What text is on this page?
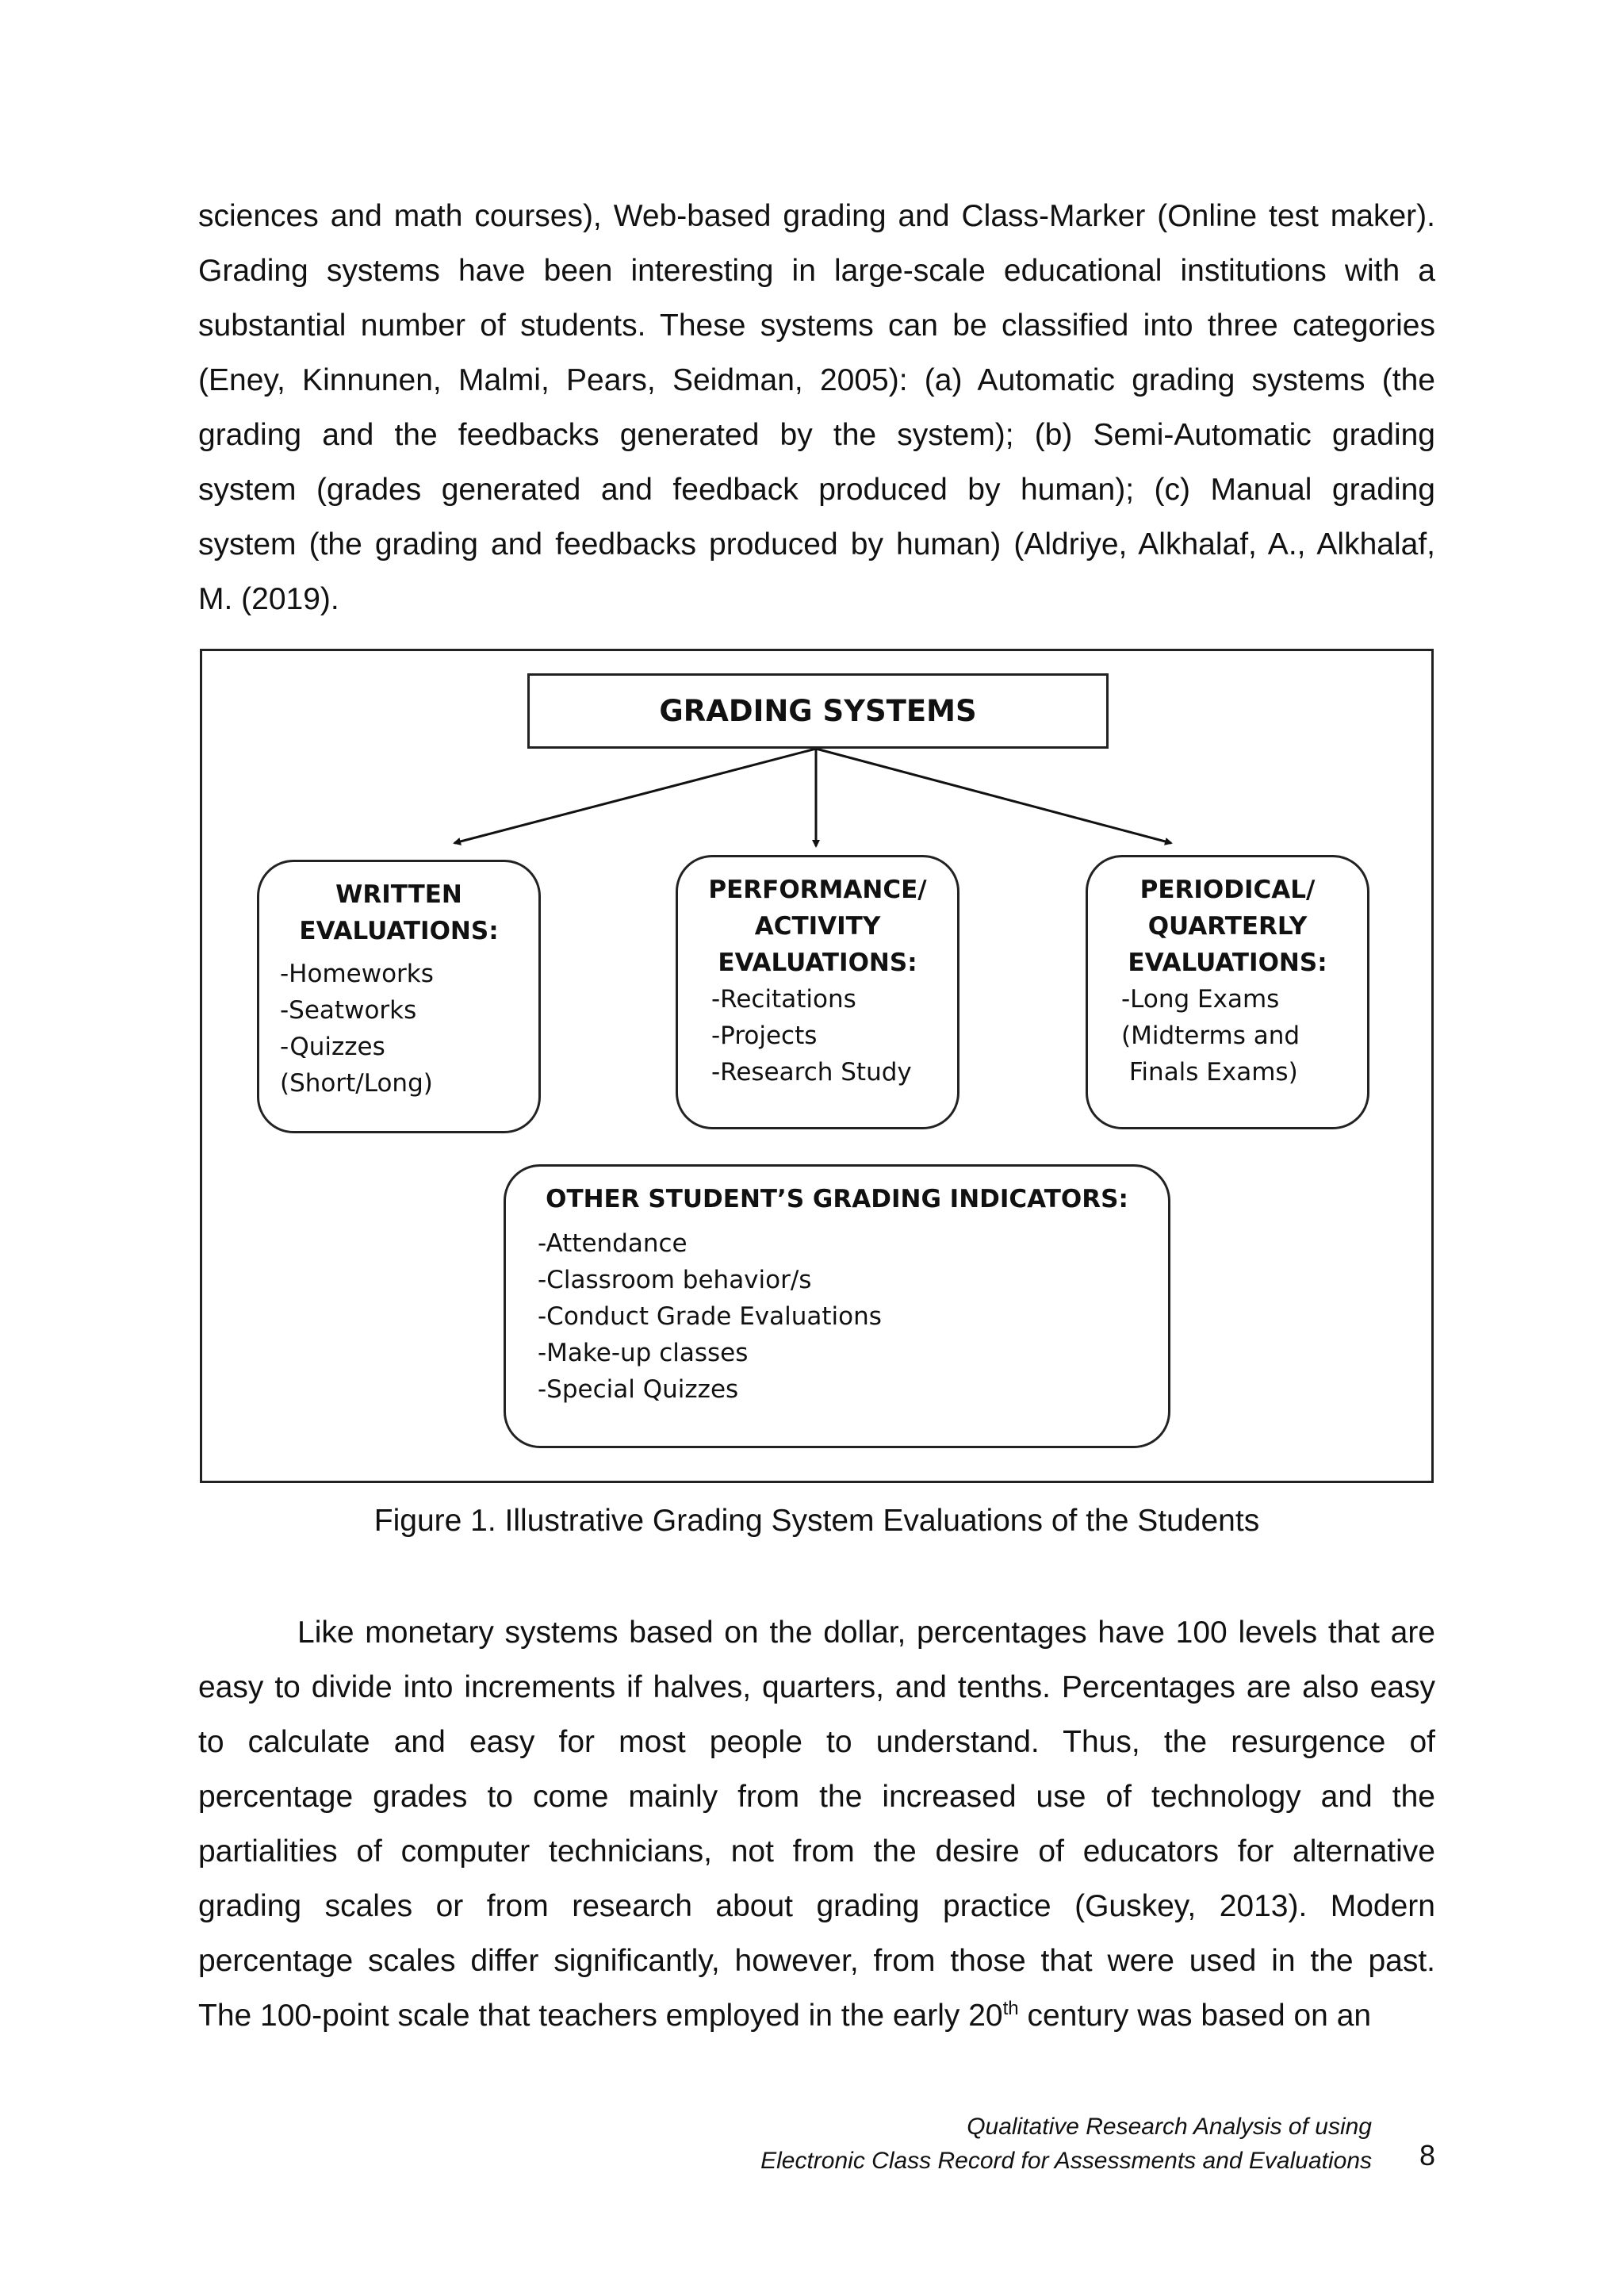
sciences and math courses), Web-based grading and Class-Marker (Online test maker).
Grading systems have been interesting in large-scale educational institutions with a
substantial number of students. These systems can be classified into three categories
(Eney, Kinnunen, Malmi, Pears, Seidman, 2005): (a) Automatic grading systems (the
grading and the feedbacks generated by the system); (b) Semi-Automatic grading
system (grades generated and feedback produced by human); (c) Manual grading
system (the grading and feedbacks produced by human) (Aldriye, Alkhalaf, A., Alkhalaf,
M. (2019).
GRADING SYSTEMS
WRITTEN
EVALUATIONS:
-Homeworks
-Seatworks
-Quizzes
(Short/Long)
PERFORMANCE/
ACTIVITY
EVALUATIONS:
-Recitations
-Projects
-Research Study
PERIODICAL/
QUARTERLY
EVALUATIONS:
-Long Exams
(Midterms and
Finals Exams)
OTHER STUDENT’S GRADING INDICATORS:
-Attendance
-Classroom behavior/s
-Conduct Grade Evaluations
-Make-up classes
-Special Quizzes
Figure 1. Illustrative Grading System Evaluations of the Students
Like monetary systems based on the dollar, percentages have 100 levels that are
easy to divide into increments if halves, quarters, and tenths. Percentages are also easy
to calculate and easy for most people to understand. Thus, the resurgence of
percentage grades to come mainly from the increased use of technology and the
partialities of computer technicians, not from the desire of educators for alternative
grading scales or from research about grading practice (Guskey, 2013). Modern
percentage scales differ significantly, however, from those that were used in the past.
The 100-point scale that teachers employed in the early 20th century was based on an
Qualitative Research Analysis of using
Electronic Class Record for Assessments and Evaluations 8
